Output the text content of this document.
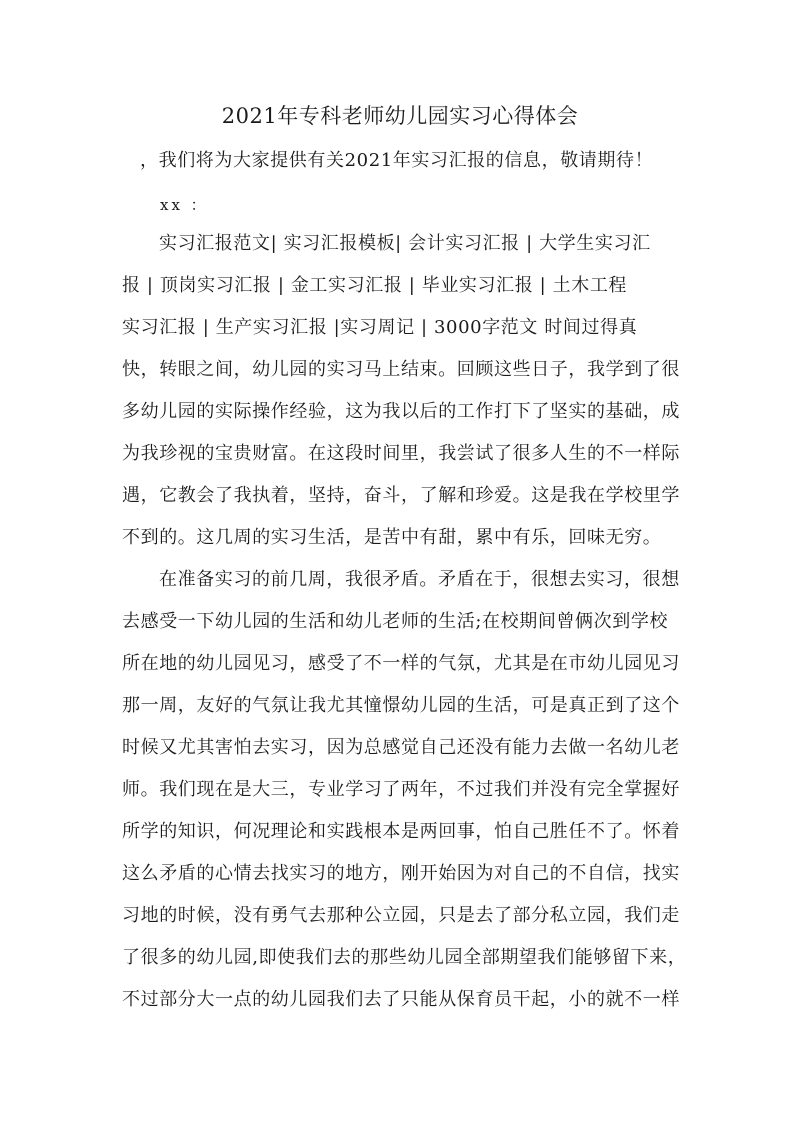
2021年专科老师幼儿园实习心得体会
，我们将为大家提供有关2021年实习汇报的信息，敬请期待！
xx ：
实习汇报范文| 实习汇报模板| 会计实习汇报 | 大学生实习汇
报 | 顶岗实习汇报 | 金工实习汇报 | 毕业实习汇报 | 土木工程
实习汇报 | 生产实习汇报 |实习周记 | 3000字范文 时间过得真
快，转眼之间，幼儿园的实习马上结束。回顾这些日子，我学到了很
多幼儿园的实际操作经验，这为我以后的工作打下了坚实的基础，成
为我珍视的宝贵财富。在这段时间里，我尝试了很多人生的不一样际
遇，它教会了我执着，坚持，奋斗，了解和珍爱。这是我在学校里学
不到的。这几周的实习生活，是苦中有甜，累中有乐，回味无穷。
在准备实习的前几周，我很矛盾。矛盾在于，很想去实习，很想
去感受一下幼儿园的生活和幼儿老师的生活;在校期间曾俩次到学校
所在地的幼儿园见习，感受了不一样的气氛，尤其是在市幼儿园见习
那一周，友好的气氛让我尤其憧憬幼儿园的生活，可是真正到了这个
时候又尤其害怕去实习，因为总感觉自己还没有能力去做一名幼儿老
师。我们现在是大三，专业学习了两年，不过我们并没有完全掌握好
所学的知识，何况理论和实践根本是两回事，怕自己胜任不了。怀着
这么矛盾的心情去找实习的地方，刚开始因为对自己的不自信，找实
习地的时候，没有勇气去那种公立园，只是去了部分私立园，我们走
了很多的幼儿园,即使我们去的那些幼儿园全部期望我们能够留下来，
不过部分大一点的幼儿园我们去了只能从保育员干起，小的就不一样
